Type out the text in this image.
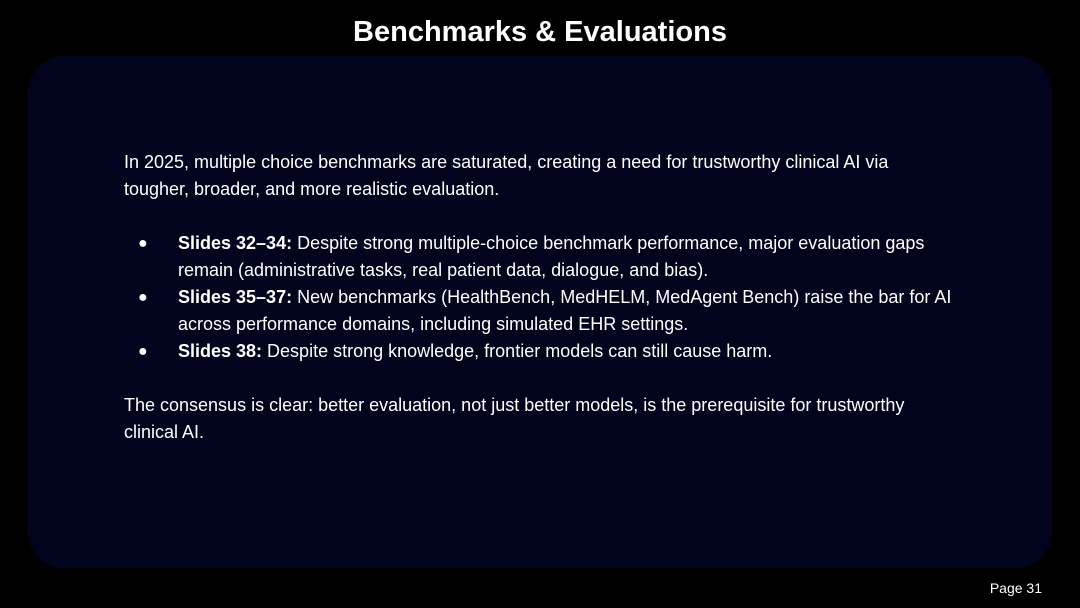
Benchmarks & Evaluations

In 2025, multiple choice benchmarks are saturated, creating a need for trustworthy clinical AI via tougher, broader, and more realistic evaluation.

● Slides 32–34: Despite strong multiple-choice benchmark performance, major evaluation gaps remain (administrative tasks, real patient data, dialogue, and bias).
● Slides 35–37: New benchmarks (HealthBench, MedHELM, MedAgent Bench) raise the bar for AI across performance domains, including simulated EHR settings.
● Slides 38: Despite strong knowledge, frontier models can still cause harm.

The consensus is clear: better evaluation, not just better models, is the prerequisite for trustworthy clinical AI.

Page 31
